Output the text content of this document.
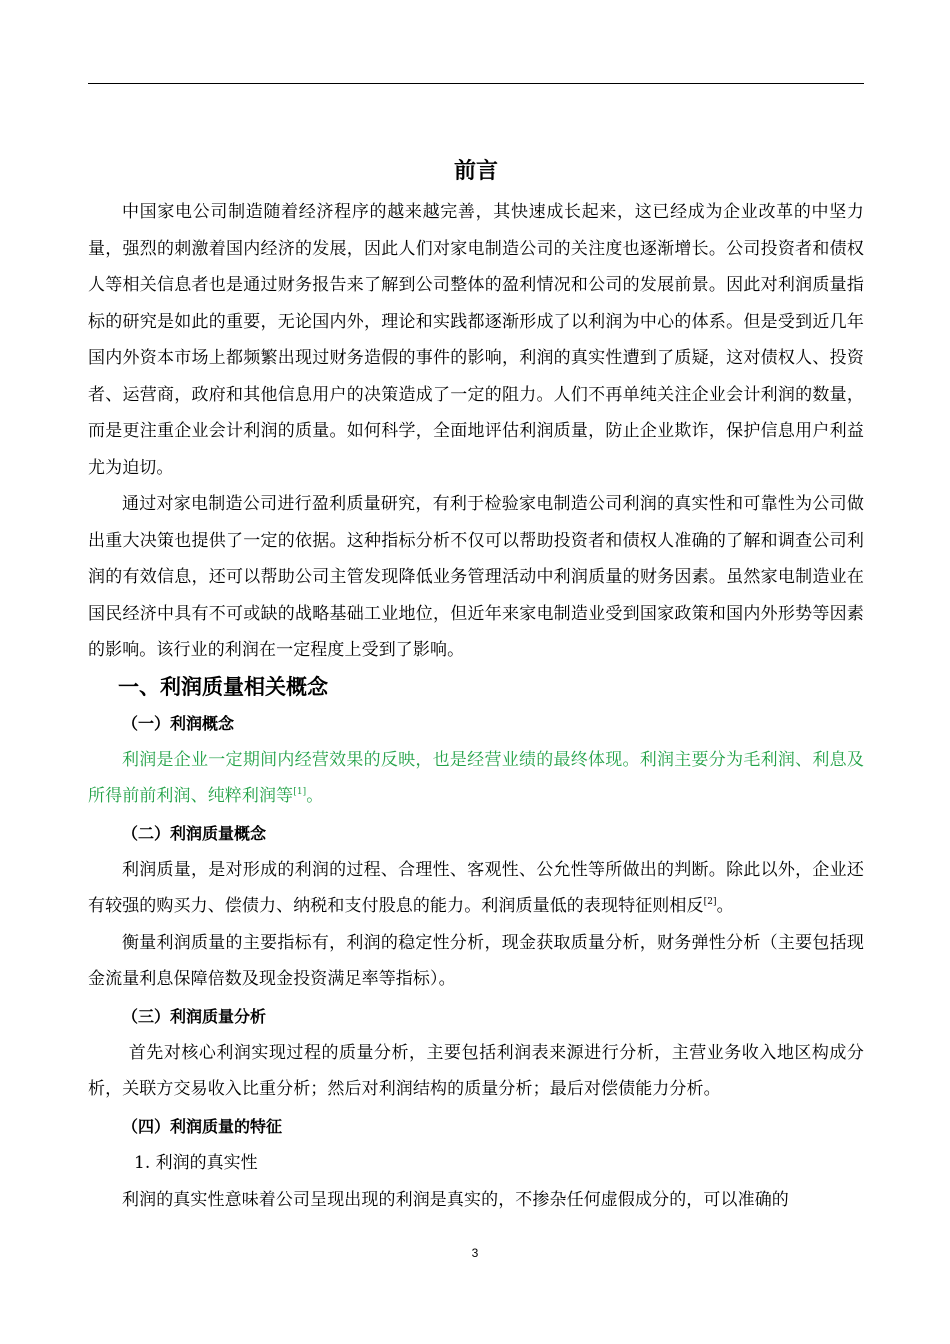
前言

中国家电公司制造随着经济程序的越来越完善，其快速成长起来，这已经成为企业改革的中坚力量，强烈的刺激着国内经济的发展，因此人们对家电制造公司的关注度也逐渐增长。公司投资者和债权人等相关信息者也是通过财务报告来了解到公司整体的盈利情况和公司的发展前景。因此对利润质量指标的研究是如此的重要，无论国内外，理论和实践都逐渐形成了以利润为中心的体系。但是受到近几年国内外资本市场上都频繁出现过财务造假的事件的影响，利润的真实性遭到了质疑，这对债权人、投资者、运营商，政府和其他信息用户的决策造成了一定的阻力。人们不再单纯关注企业会计利润的数量，而是更注重企业会计利润的质量。如何科学，全面地评估利润质量，防止企业欺诈，保护信息用户利益尤为迫切。

通过对家电制造公司进行盈利质量研究，有利于检验家电制造公司利润的真实性和可靠性为公司做出重大决策也提供了一定的依据。这种指标分析不仅可以帮助投资者和债权人准确的了解和调查公司利润的有效信息，还可以帮助公司主管发现降低业务管理活动中利润质量的财务因素。虽然家电制造业在国民经济中具有不可或缺的战略基础工业地位，但近年来家电制造业受到国家政策和国内外形势等因素的影响。该行业的利润在一定程度上受到了影响。

一、利润质量相关概念
（一）利润概念

利润是企业一定期间内经营效果的反映，也是经营业绩的最终体现。利润主要分为毛利润、利息及所得前前利润、纯粹利润等[1]。

（二）利润质量概念

利润质量，是对形成的利润的过程、合理性、客观性、公允性等所做出的判断。除此以外，企业还有较强的购买力、偿债力、纳税和支付股息的能力。利润质量低的表现特征则相反[2]。

衡量利润质量的主要指标有，利润的稳定性分析，现金获取质量分析，财务弹性分析（主要包括现金流量利息保障倍数及现金投资满足率等指标）。

（三）利润质量分析

首先对核心利润实现过程的质量分析，主要包括利润表来源进行分析，主营业务收入地区构成分析，关联方交易收入比重分析；然后对利润结构的质量分析；最后对偿债能力分析。

（四）利润质量的特征

1. 利润的真实性

利润的真实性意味着公司呈现出现的利润是真实的，不掺杂任何虚假成分的，可以准确的

3
